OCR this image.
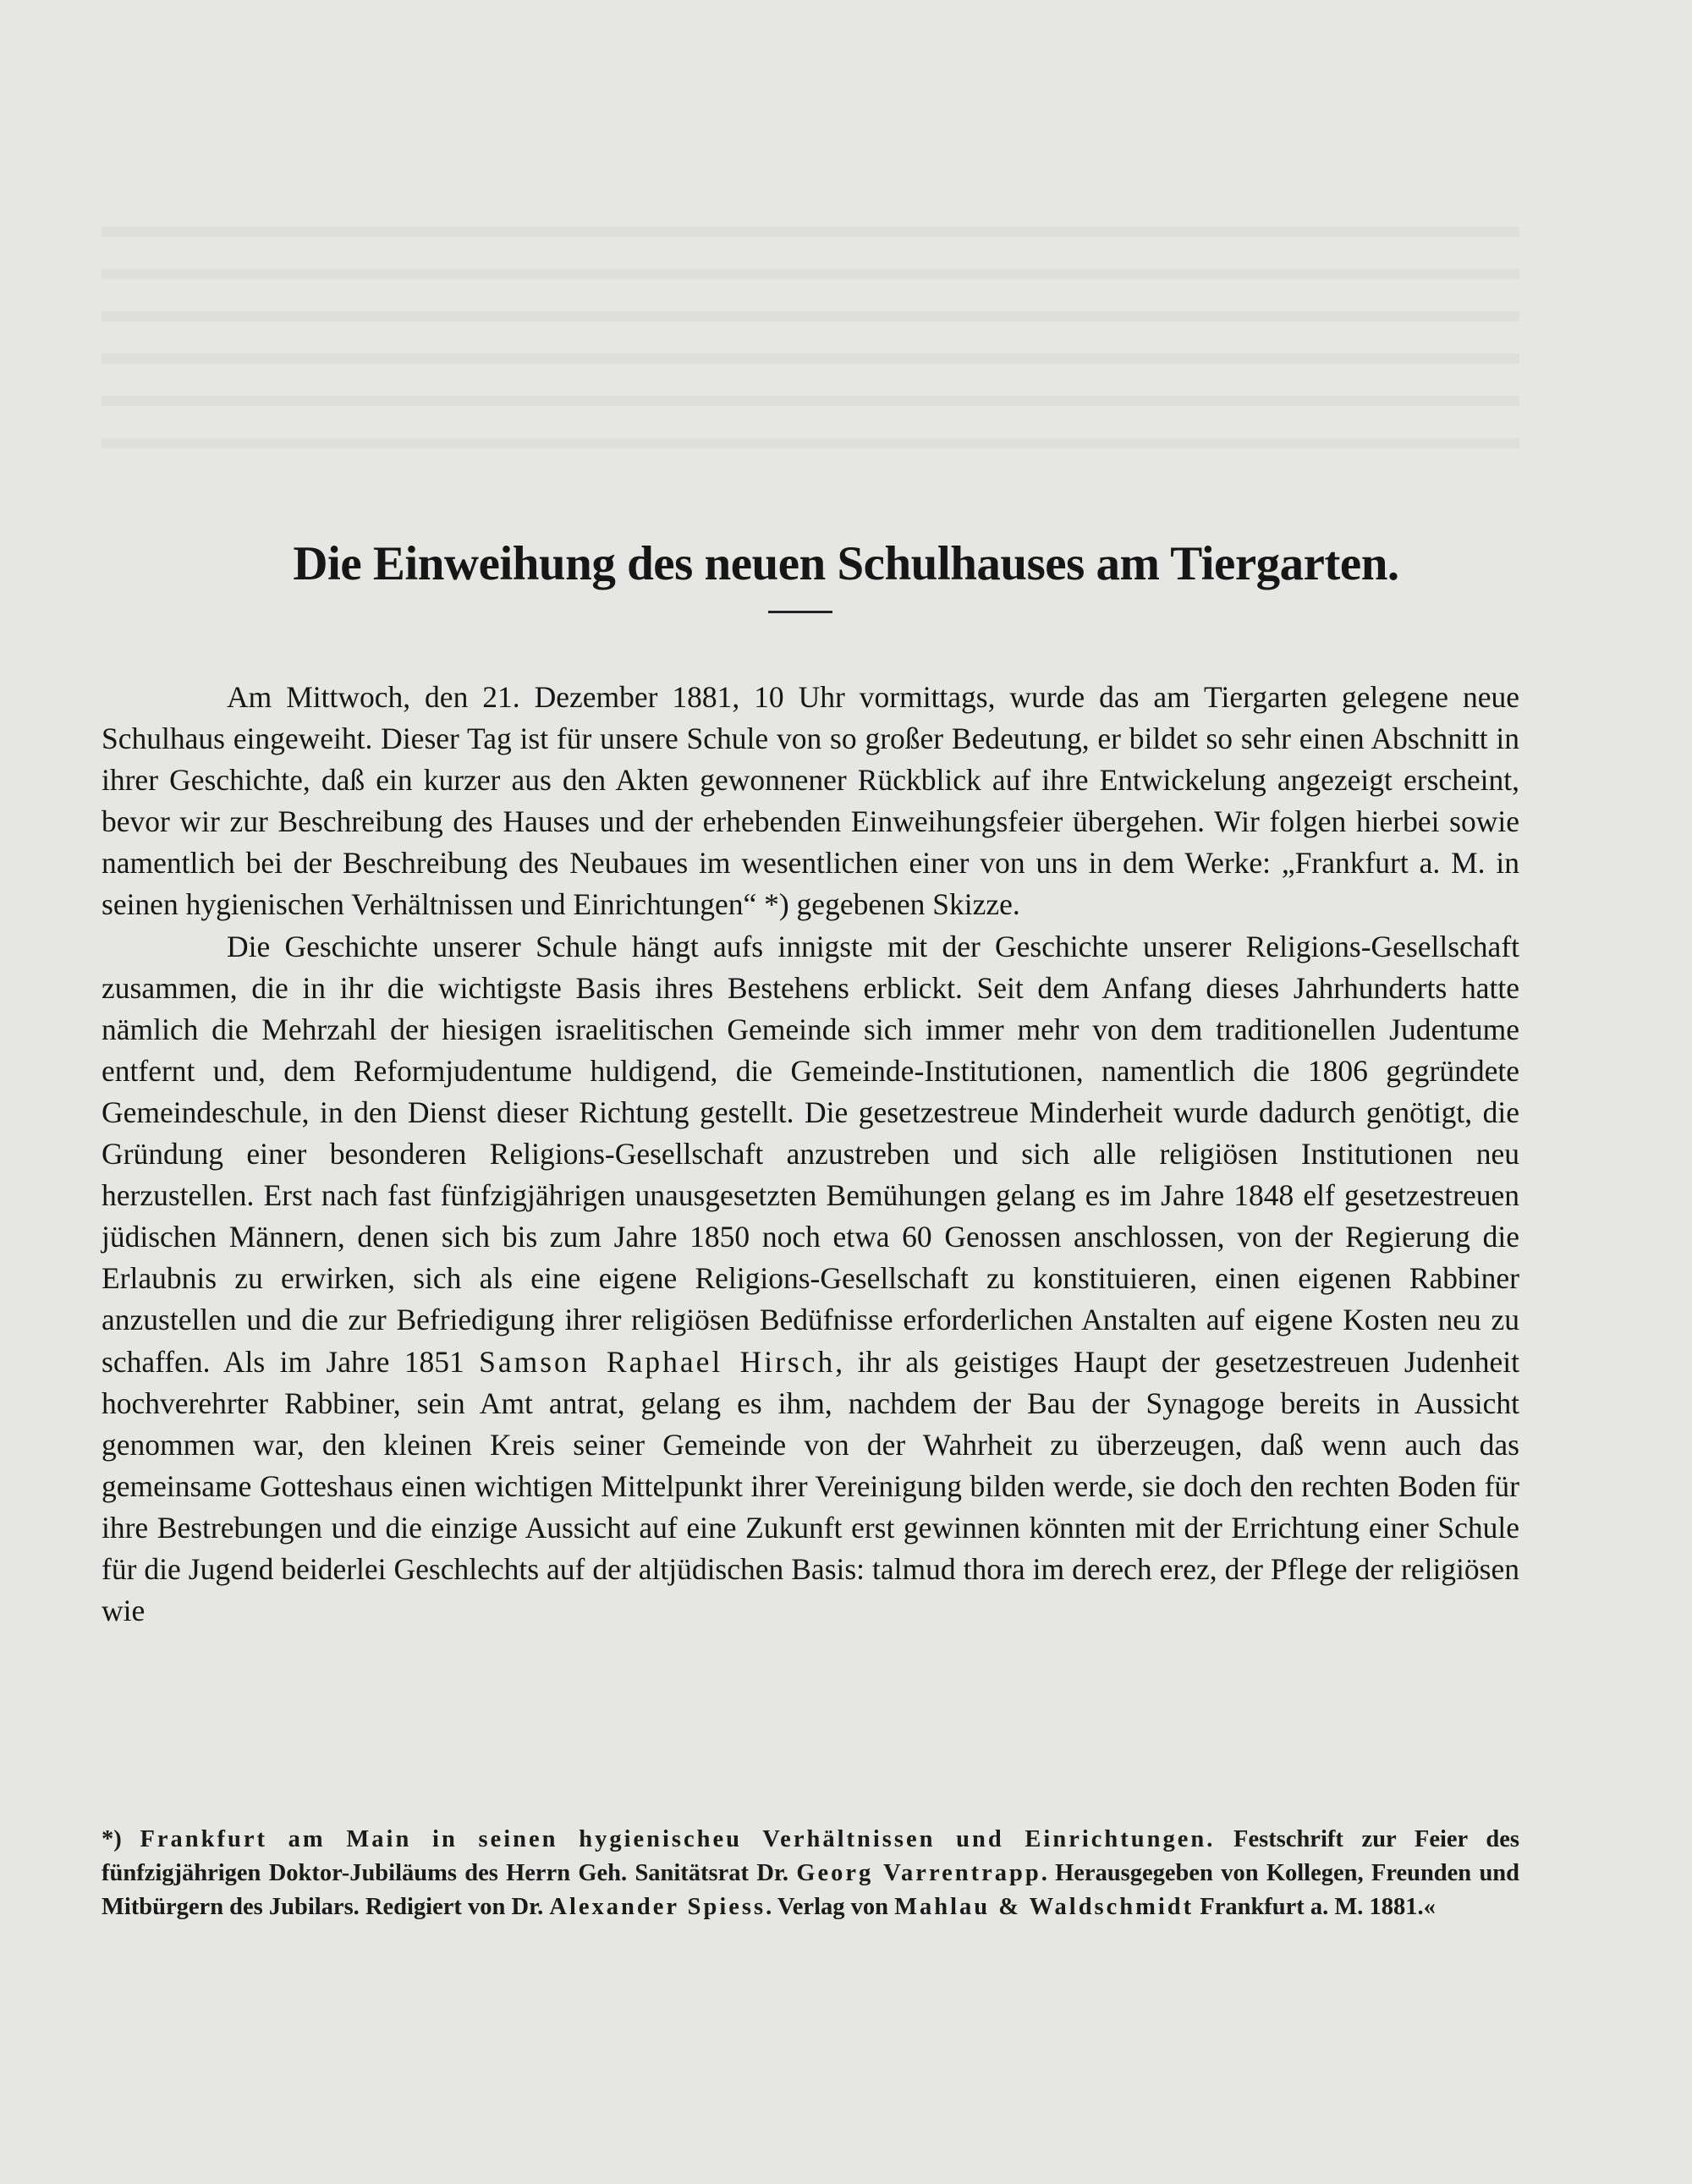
Die Einweihung des neuen Schulhauses am Tiergarten.

Am Mittwoch, den 21. Dezember 1881, 10 Uhr vormittags, wurde das am Tiergarten gelegene neue Schulhaus eingeweiht. Dieser Tag ist für unsere Schule von so großer Bedeutung, er bildet so sehr einen Abschnitt in ihrer Geschichte, daß ein kurzer aus den Akten gewonnener Rückblick auf ihre Entwickelung angezeigt erscheint, bevor wir zur Beschreibung des Hauses und der erhebenden Einweihungsfeier übergehen. Wir folgen hierbei sowie namentlich bei der Beschreibung des Neubaues im wesentlichen einer von uns in dem Werke: „Frankfurt a. M. in seinen hygienischen Verhältnissen und Einrichtungen“ *) gegebenen Skizze.

Die Geschichte unserer Schule hängt aufs innigste mit der Geschichte unserer Religions-Gesellschaft zusammen, die in ihr die wichtigste Basis ihres Bestehens erblickt. Seit dem Anfang dieses Jahrhunderts hatte nämlich die Mehrzahl der hiesigen israelitischen Gemeinde sich immer mehr von dem traditionellen Judentume entfernt und, dem Reformjudentume huldigend, die Gemeinde-Institutionen, namentlich die 1806 gegründete Gemeindeschule, in den Dienst dieser Richtung gestellt. Die gesetzestreue Minderheit wurde dadurch genötigt, die Gründung einer besonderen Religions-Gesellschaft anzustreben und sich alle religiösen Institutionen neu herzustellen. Erst nach fast fünfzigjährigen unausgesetzten Bemühungen gelang es im Jahre 1848 elf gesetzestreuen jüdischen Männern, denen sich bis zum Jahre 1850 noch etwa 60 Genossen anschlossen, von der Regierung die Erlaubnis zu erwirken, sich als eine eigene Religions-Gesellschaft zu konstituieren, einen eigenen Rabbiner anzustellen und die zur Befriedigung ihrer religiösen Bedüfnisse erforderlichen Anstalten auf eigene Kosten neu zu schaffen. Als im Jahre 1851 Samson Raphael Hirsch, ihr als geistiges Haupt der gesetzestreuen Judenheit hochverehrter Rabbiner, sein Amt antrat, gelang es ihm, nachdem der Bau der Synagoge bereits in Aussicht genommen war, den kleinen Kreis seiner Gemeinde von der Wahrheit zu überzeugen, daß wenn auch das gemeinsame Gotteshaus einen wichtigen Mittelpunkt ihrer Vereinigung bilden werde, sie doch den rechten Boden für ihre Bestrebungen und die einzige Aussicht auf eine Zukunft erst gewinnen könnten mit der Errichtung einer Schule für die Jugend beiderlei Geschlechts auf der altjüdischen Basis: talmud thora im derech erez, der Pflege der religiösen wie

*) Frankfurt am Main in seinen hygienischeu Verhältnissen und Einrichtungen. Festschrift zur Feier des fünfzigjährigen Doktor-Jubiläums des Herrn Geh. Sanitätsrat Dr. Georg Varrentrapp. Herausgegeben von Kollegen, Freunden und Mitbürgern des Jubilars. Redigiert von Dr. Alexander Spiess. Verlag von Mahlau & Waldschmidt Frankfurt a. M. 1881.«
